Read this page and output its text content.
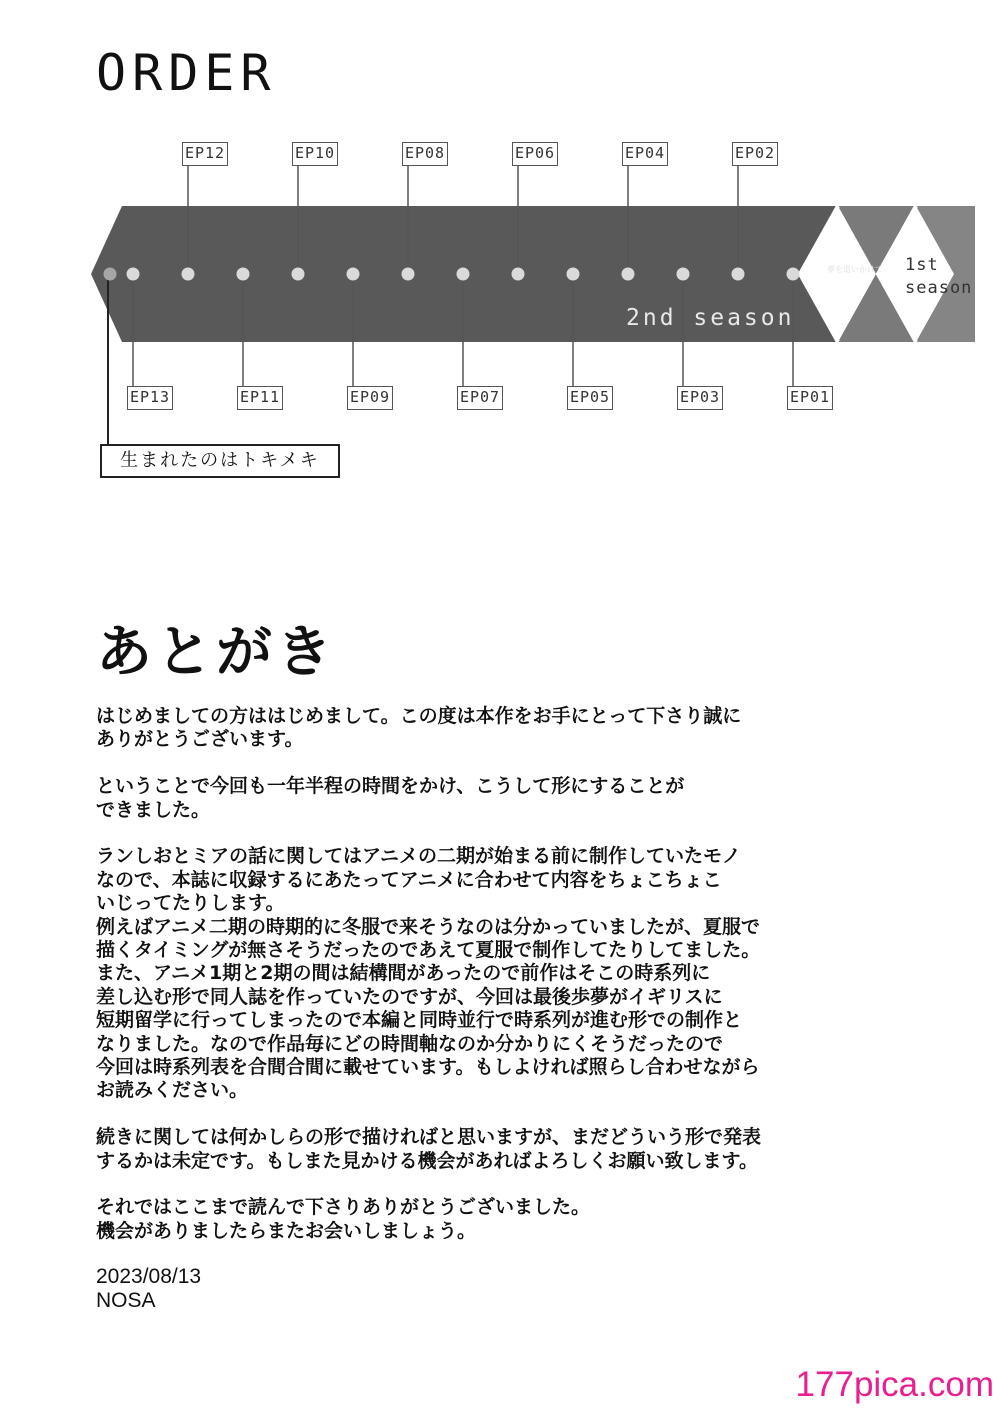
ORDER
EP13	EP11	EP09	EP07	EP05	EP03	EP01
EP12	EP10	EP08	EP06	EP04	EP02
2nd season
夢を追いかけて	1st
season
生まれたのはトキメキ
あとがき

はじめましての方ははじめまして。この度は本作をお手にとって下さり誠に
ありがとうございます。

ということで今回も一年半程の時間をかけ、こうして形にすることが
できました。

ランしおとミアの話に関してはアニメの二期が始まる前に制作していたモノ
なので、本誌に収録するにあたってアニメに合わせて内容をちょこちょこ
いじってたりします。
例えばアニメ二期の時期的に冬服で来そうなのは分かっていましたが、夏服で
描くタイミングが無さそうだったのであえて夏服で制作してたりしてました。
また、アニメ1期と2期の間は結構間があったので前作はそこの時系列に
差し込む形で同人誌を作っていたのですが、今回は最後歩夢がイギリスに
短期留学に行ってしまったので本編と同時並行で時系列が進む形での制作と
なりました。なので作品毎にどの時間軸なのか分かりにくそうだったので
今回は時系列表を合間合間に載せています。もしよければ照らし合わせながら
お読みください。

続きに関しては何かしらの形で描ければと思いますが、まだどういう形で発表
するかは未定です。もしまた見かける機会があればよろしくお願い致します。

それではここまで読んで下さりありがとうございました。
機会がありましたらまたお会いしましょう。

2023/08/13
NOSA
177pica.com
